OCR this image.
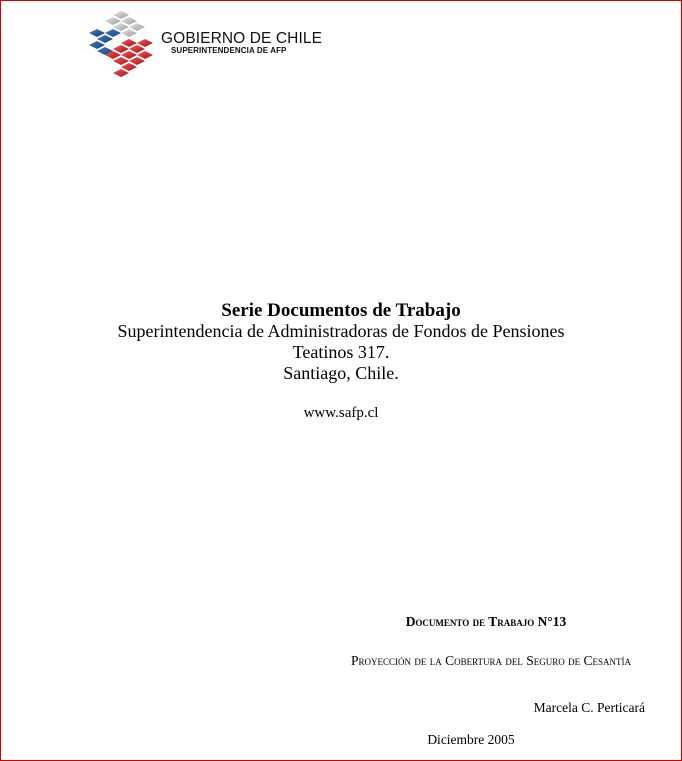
GOBIERNO DE CHILE
SUPERINTENDENCIA DE AFP
Serie Documentos de Trabajo
Superintendencia de Administradoras de Fondos de Pensiones
Teatinos 317.
Santiago, Chile.
www.safp.cl
Documento de Trabajo N°13
Proyección de la Cobertura del Seguro de Cesantía
Marcela C. Perticará
Diciembre 2005
